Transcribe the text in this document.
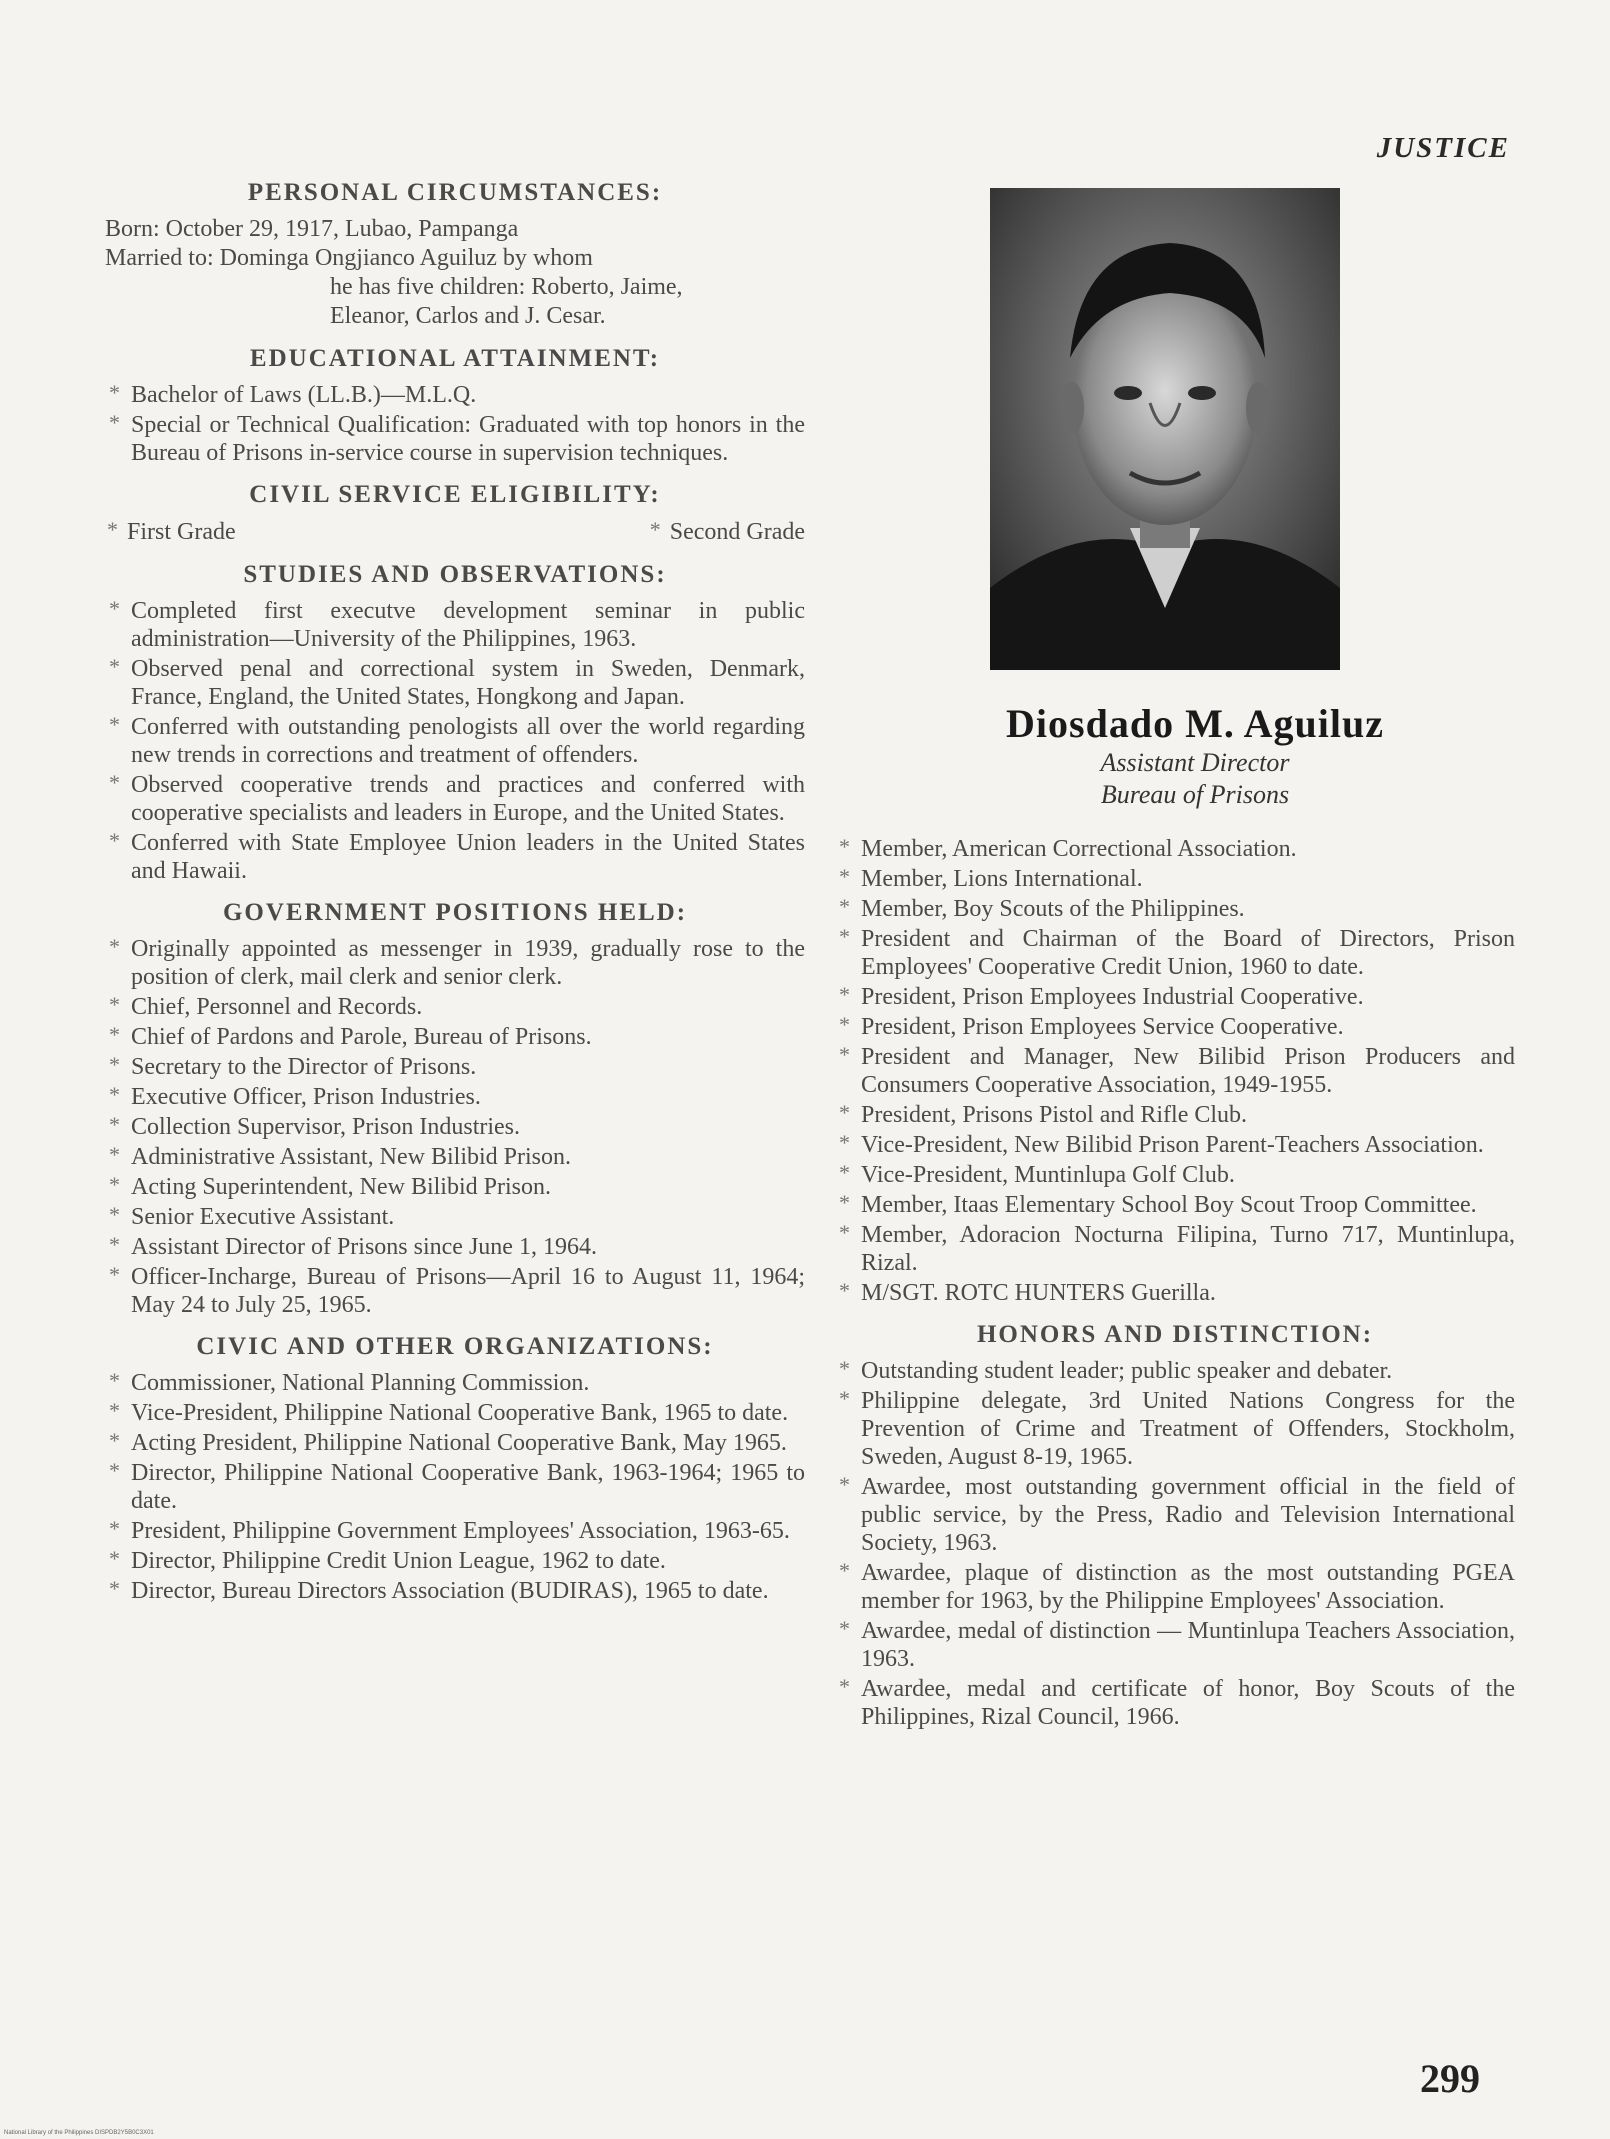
JUSTICE
PERSONAL CIRCUMSTANCES:
Born: October 29, 1917, Lubao, Pampanga
Married to: Dominga Ongjianco Aguiluz by whom
he has five children: Roberto, Jaime,
Eleanor, Carlos and J. Cesar.
EDUCATIONAL ATTAINMENT:
* Bachelor of Laws (LL.B.)—M.L.Q.
* Special or Technical Qualification: Graduated with top honors in the Bureau of Prisons in-service course in supervision techniques.
CIVIL SERVICE ELIGIBILITY:
* First Grade
*	Second Grade
STUDIES AND OBSERVATIONS:
* Completed first executve development seminar in public administration—University of the Philippines, 1963.
* Observed penal and correctional system in Sweden, Denmark, France, England, the United States, Hongkong and Japan.
* Conferred with outstanding penologists all over the world regarding new trends in corrections and treatment of offenders.
* Observed cooperative trends and practices and conferred with cooperative specialists and leaders in Europe, and the United States.
* Conferred with State Employee Union leaders in the United States and Hawaii.
GOVERNMENT POSITIONS HELD:
* Originally appointed as messenger in 1939, gradually rose to the position of clerk, mail clerk and senior clerk.
* Chief, Personnel and Records.
* Chief of Pardons and Parole, Bureau of Prisons.
* Secretary to the Director of Prisons.
* Executive Officer, Prison Industries.
* Collection Supervisor, Prison Industries.
* Administrative Assistant, New Bilibid Prison.
* Acting Superintendent, New Bilibid Prison.
* Senior Executive Assistant.
* Assistant Director of Prisons since June 1, 1964.
* Officer-Incharge, Bureau of Prisons—April 16 to August 11, 1964; May 24 to July 25, 1965.
CIVIC AND OTHER ORGANIZATIONS:
* Commissioner, National Planning Commission.
* Vice-President, Philippine National Cooperative Bank, 1965 to date.
* Acting President, Philippine National Cooperative Bank, May 1965.
* Director, Philippine National Cooperative Bank, 1963-1964; 1965 to date.
* President, Philippine Government Employees' Association, 1963-65.
* Director, Philippine Credit Union League, 1962 to date.
* Director, Bureau Directors Association (BUDIRAS), 1965 to date.
Diosdado M. Aguiluz
Assistant Director
Bureau of Prisons
* Member, American Correctional Association.
* Member, Lions International.
* Member, Boy Scouts of the Philippines.
* President and Chairman of the Board of Directors, Prison Employees' Cooperative Credit Union, 1960 to date.
* President, Prison Employees Industrial Cooperative.
* President, Prison Employees Service Cooperative.
* President and Manager, New Bilibid Prison Producers and Consumers Cooperative Association, 1949-1955.
* President, Prisons Pistol and Rifle Club.
* Vice-President, New Bilibid Prison Parent-Teachers Association.
* Vice-President, Muntinlupa Golf Club.
* Member, Itaas Elementary School Boy Scout Troop Committee.
* Member, Adoracion Nocturna Filipina, Turno 717, Muntinlupa, Rizal.
* M/SGT. ROTC HUNTERS Guerilla.
HONORS AND DISTINCTION:
* Outstanding student leader; public speaker and debater.
* Philippine delegate, 3rd United Nations Congress for the Prevention of Crime and Treatment of Offenders, Stockholm, Sweden, August 8-19, 1965.
* Awardee, most outstanding government official in the field of public service, by the Press, Radio and Television International Society, 1963.
* Awardee, plaque of distinction as the most outstanding PGEA member for 1963, by the Philippine Employees' Association.
* Awardee, medal of distinction — Muntinlupa Teachers Association, 1963.
* Awardee, medal and certificate of honor, Boy Scouts of the Philippines, Rizal Council, 1966.
299
National Library of the Philippines DISPDB2Y5B0C3X01
